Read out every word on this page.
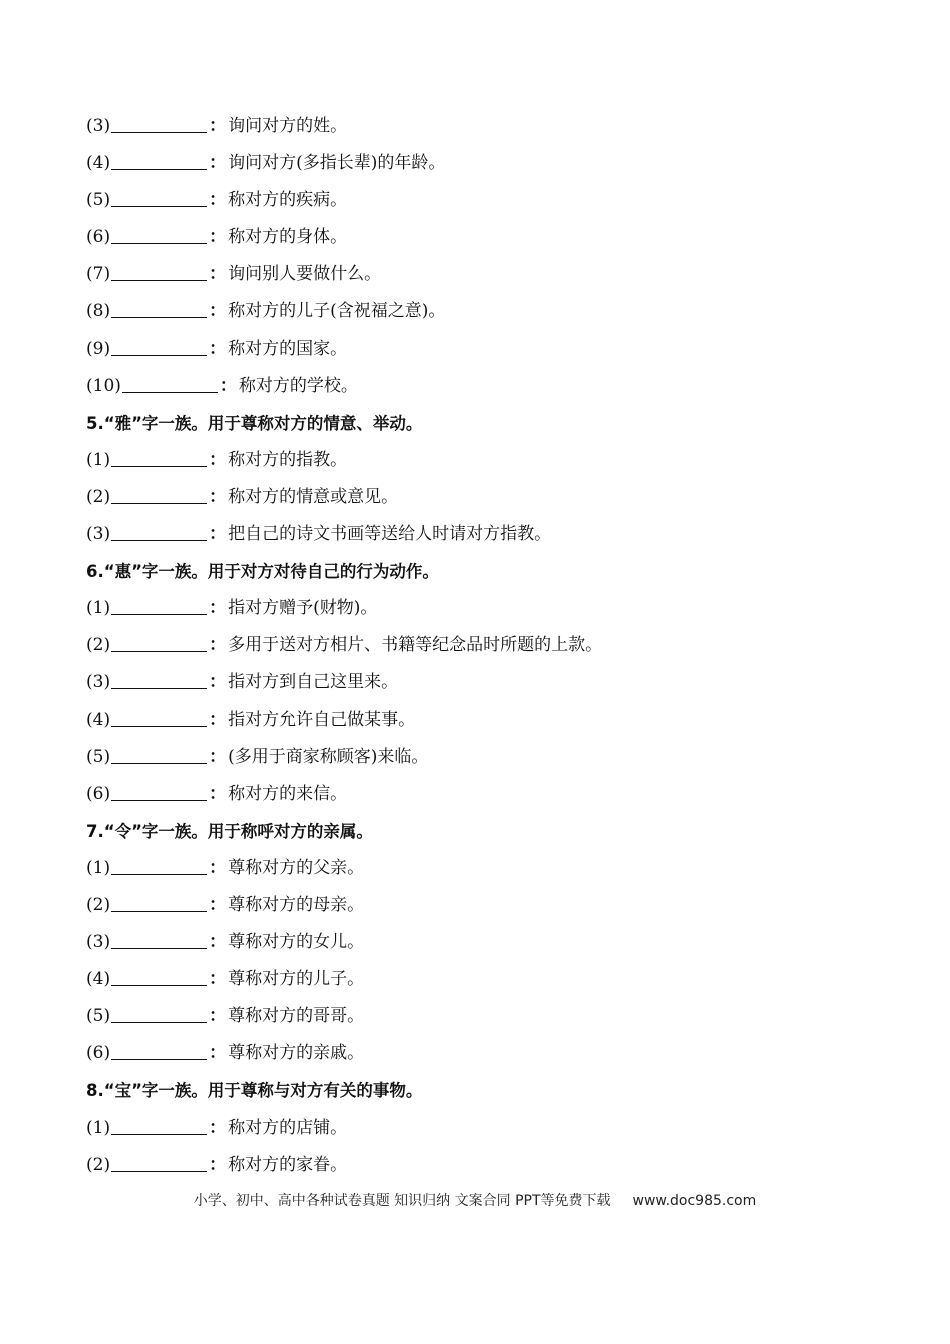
(3)	： 询问对方的姓。
(4)	： 询问对方(多指长辈)的年龄。
(5)	： 称对方的疾病。
(6)	： 称对方的身体。
(7)	： 询问别人要做什么。
(8)	： 称对方的儿子(含祝福之意)。
(9)	： 称对方的国家。
(10)	： 称对方的学校。
5.“雅”字一族。用于尊称对方的情意、举动。
(1)	： 称对方的指教。
(2)	： 称对方的情意或意见。
(3)	： 把自己的诗文书画等送给人时请对方指教。
6.“惠”字一族。用于对方对待自己的行为动作。
(1)	： 指对方赠予(财物)。
(2)	： 多用于送对方相片、书籍等纪念品时所题的上款。
(3)	： 指对方到自己这里来。
(4)	： 指对方允许自己做某事。
(5)	： (多用于商家称顾客)来临。
(6)	： 称对方的来信。
7.“令”字一族。用于称呼对方的亲属。
(1)	： 尊称对方的父亲。
(2)	： 尊称对方的母亲。
(3)	： 尊称对方的女儿。
(4)	： 尊称对方的儿子。
(5)	： 尊称对方的哥哥。
(6)	： 尊称对方的亲戚。
8.“宝”字一族。用于尊称与对方有关的事物。
(1)	： 称对方的店铺。
(2)	： 称对方的家眷。
小学、初中、高中各种试卷真题 知识归纳 文案合同 PPT等免费下载 www.doc985.com
